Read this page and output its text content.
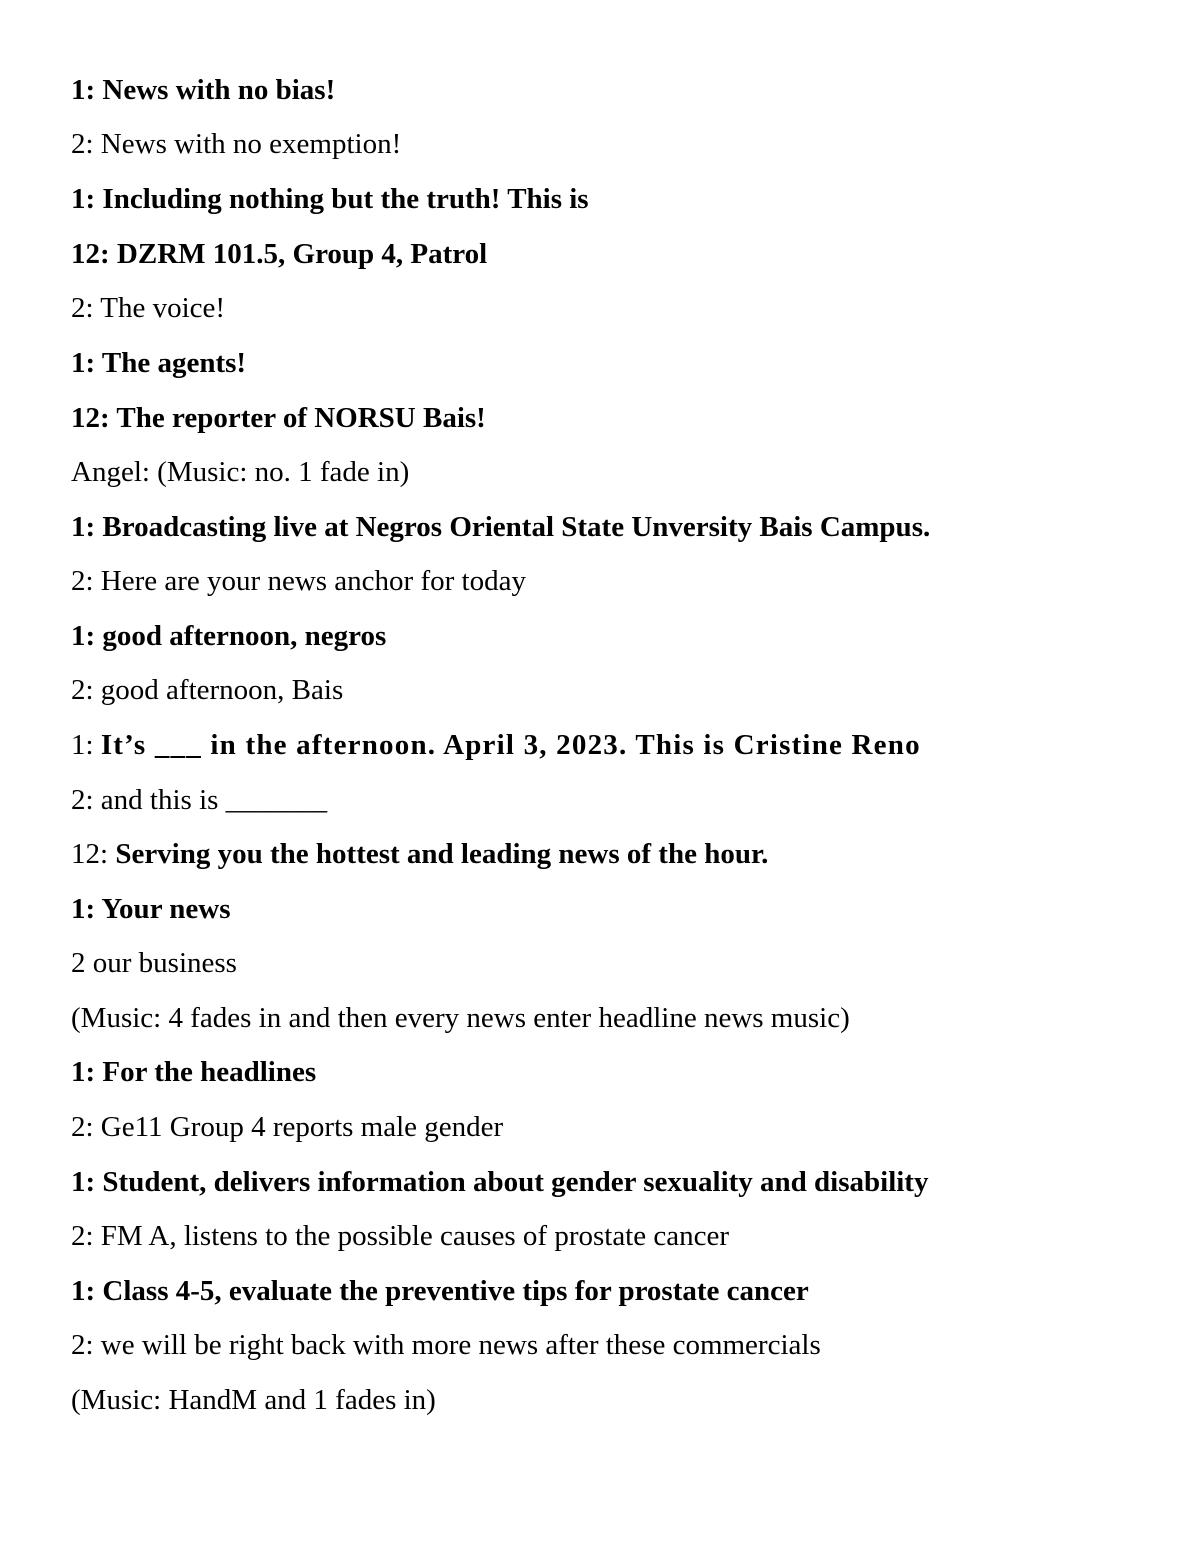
1: News with no bias!

2: News with no exemption!

1: Including nothing but the truth! This is

12: DZRM 101.5, Group 4, Patrol

2: The voice!

1: The agents!

12: The reporter of NORSU Bais!

Angel: (Music: no. 1 fade in)

1: Broadcasting live at Negros Oriental State Unversity Bais Campus.

2: Here are your news anchor for today

1: good afternoon, negros

2: good afternoon, Bais

1: It’s ___ in the afternoon. April 3, 2023. This is Cristine Reno

2: and this is _______

12: Serving you the hottest and leading news of the hour.

1: Your news

2 our business

(Music: 4 fades in and then every news enter headline news music)

1: For the headlines

2: Ge11 Group 4 reports male gender

1: Student, delivers information about gender sexuality and disability

2: FM A, listens to the possible causes of prostate cancer

1: Class 4-5, evaluate the preventive tips for prostate cancer

2: we will be right back with more news after these commercials

(Music: HandM and 1 fades in)
